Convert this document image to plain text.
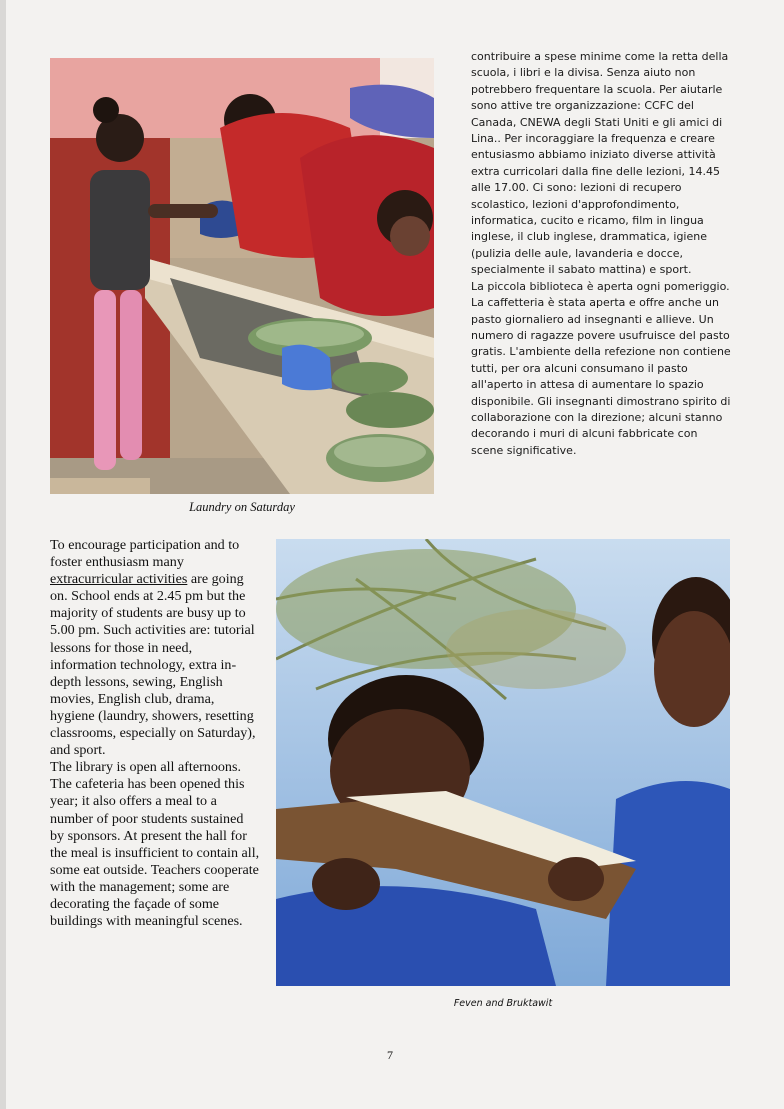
Laundry on Saturday

contribuire a spese minime come la retta della scuola, i libri e la divisa. Senza aiuto non potrebbero frequentare la scuola. Per aiutarle sono attive tre organizzazione: CCFC del Canada, CNEWA degli Stati Uniti e gli amici di Lina.. Per incoraggiare la frequenza e creare entusiasmo abbiamo iniziato diverse attività extra curricolari dalla fine delle lezioni, 14.45 alle 17.00. Ci sono: lezioni di recupero scolastico, lezioni d'approfondimento, informatica, cucito e ricamo, film in lingua inglese, il club inglese, drammatica, igiene (pulizia delle aule, lavanderia e docce, specialmente il sabato mattina) e sport.

La piccola biblioteca è aperta ogni pomeriggio.

La caffetteria è stata aperta e offre anche un pasto giornaliero ad insegnanti e allieve. Un numero di ragazze povere usufruisce del pasto gratis. L'ambiente della refezione non contiene tutti, per ora alcuni consumano il pasto all'aperto in attesa di aumentare lo spazio disponibile. Gli insegnanti dimostrano spirito di collaborazione con la direzione; alcuni stanno decorando i muri di alcuni fabbricate con scene significative.

To encourage participation and to foster enthusiasm many extracurricular activities are going on. School ends at 2.45 pm but the majority of students are busy up to 5.00 pm. Such activities are: tutorial lessons for those in need, information technology, extra in-depth lessons, sewing, English movies, English club, drama, hygiene (laundry, showers, resetting classrooms, especially on Saturday), and sport.

The library is open all afternoons. The cafeteria has been opened this year; it also offers a meal to a number of poor students sustained by sponsors. At present the hall for the meal is insufficient to contain all, some eat outside. Teachers cooperate with the management; some are decorating the façade of some buildings with meaningful scenes.

Feven and Bruktawit
7
